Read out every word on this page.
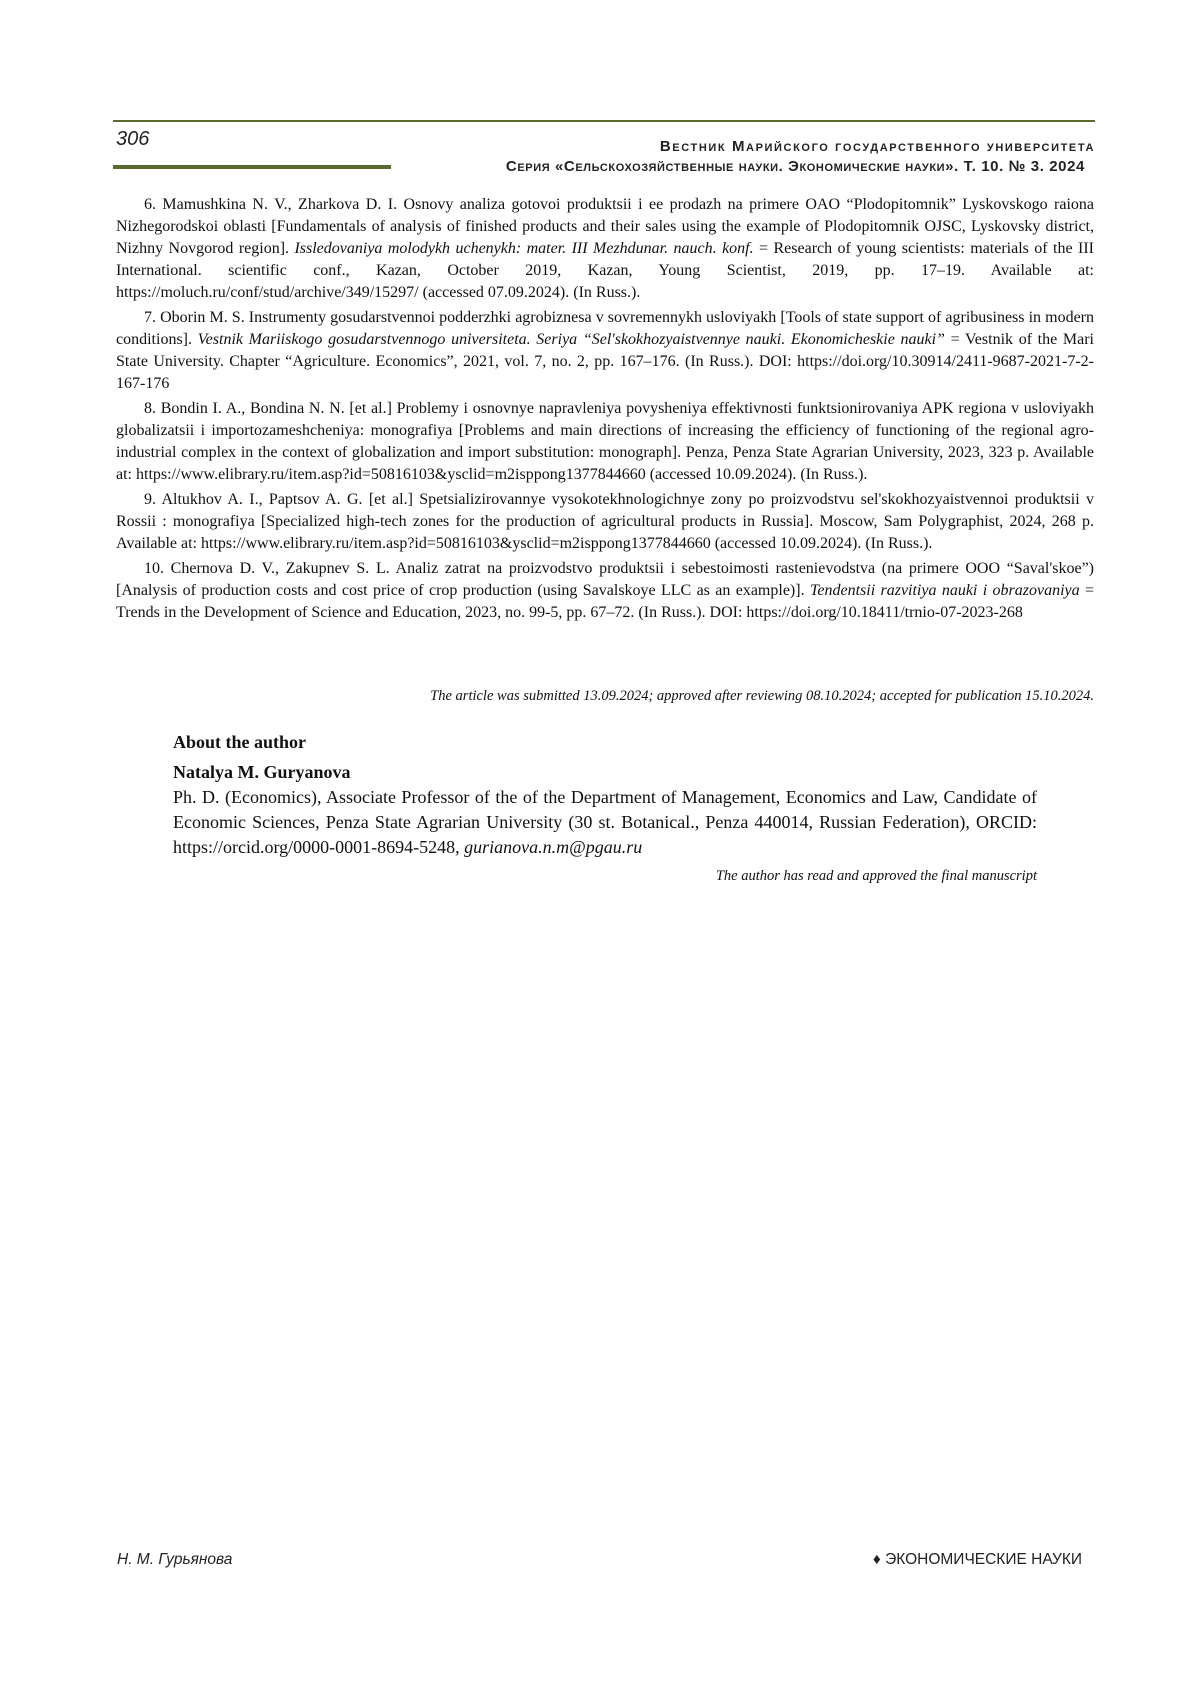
306	Вестник Марийского государственного университета
Серия «Сельскохозяйственные науки. Экономические науки». Т. 10. № 3. 2024

6. Mamushkina N. V., Zharkova D. I. Osnovy analiza gotovoi produktsii i ee prodazh na primere OAO “Plodopitomnik” Lyskovskogo raiona Nizhegorodskoi oblasti [Fundamentals of analysis of finished products and their sales using the example of Plodopitomnik OJSC, Lyskovsky district, Nizhny Novgorod region]. Issledovaniya molodykh uchenykh: mater. III Mezhdunar. nauch. konf. = Research of young scientists: materials of the III International. scientific conf., Kazan, October 2019, Kazan, Young Scientist, 2019, pp. 17–19. Available at: https://moluch.ru/conf/stud/archive/349/15297/ (accessed 07.09.2024). (In Russ.).

7. Oborin M. S. Instrumenty gosudarstvennoi podderzhki agrobiznesa v sovremennykh usloviyakh [Tools of state support of agribusiness in modern conditions]. Vestnik Mariiskogo gosudarstvennogo universiteta. Seriya “Sel'skokhozyaistvennye nauki. Ekonomicheskie nauki” = Vestnik of the Mari State University. Chapter “Agriculture. Economics”, 2021, vol. 7, no. 2, pp. 167–176. (In Russ.). DOI: https://doi.org/10.30914/2411-9687-2021-7-2-167-176

8. Bondin I. A., Bondina N. N. [et al.] Problemy i osnovnye napravleniya povysheniya effektivnosti funktsionirovaniya APK regiona v usloviyakh globalizatsii i importozameshcheniya: monografiya [Problems and main directions of increasing the efficiency of functioning of the regional agro-industrial complex in the context of globalization and import substitution: monograph]. Penza, Penza State Agrarian University, 2023, 323 p. Available at: https://www.elibrary.ru/item.asp?id=50816103&ysclid=m2isppong1377844660 (accessed 10.09.2024). (In Russ.).

9. Altukhov A. I., Paptsov A. G. [et al.] Spetsializirovannye vysokotekhnologichnye zony po proizvodstvu sel'skokhozyaistvennoi produktsii v Rossii : monografiya [Specialized high-tech zones for the production of agricultural products in Russia]. Moscow, Sam Polygraphist, 2024, 268 p. Available at: https://www.elibrary.ru/item.asp?id=50816103&ysclid=m2isppong1377844660 (accessed 10.09.2024). (In Russ.).

10. Chernova D. V., Zakupnev S. L. Analiz zatrat na proizvodstvo produktsii i sebestoimosti rastenievodstva (na primere OOO “Saval'skoe”) [Analysis of production costs and cost price of crop production (using Savalskoye LLC as an example)]. Tendentsii razvitiya nauki i obrazovaniya = Trends in the Development of Science and Education, 2023, no. 99-5, pp. 67–72. (In Russ.). DOI: https://doi.org/10.18411/trnio-07-2023-268

The article was submitted 13.09.2024; approved after reviewing 08.10.2024; accepted for publication 15.10.2024.
About the author
Natalya M. Guryanova

Ph. D. (Economics), Associate Professor of the of the Department of Management, Economics and Law, Candidate of Economic Sciences, Penza State Agrarian University (30 st. Botanical., Penza 440014, Russian Federation), ORCID: https://orcid.org/0000-0001-8694-5248, gurianova.n.m@pgau.ru

The author has read and approved the final manuscript
Н. М. Гурьянова	♦ ЭКОНОМИЧЕСКИЕ НАУКИ
